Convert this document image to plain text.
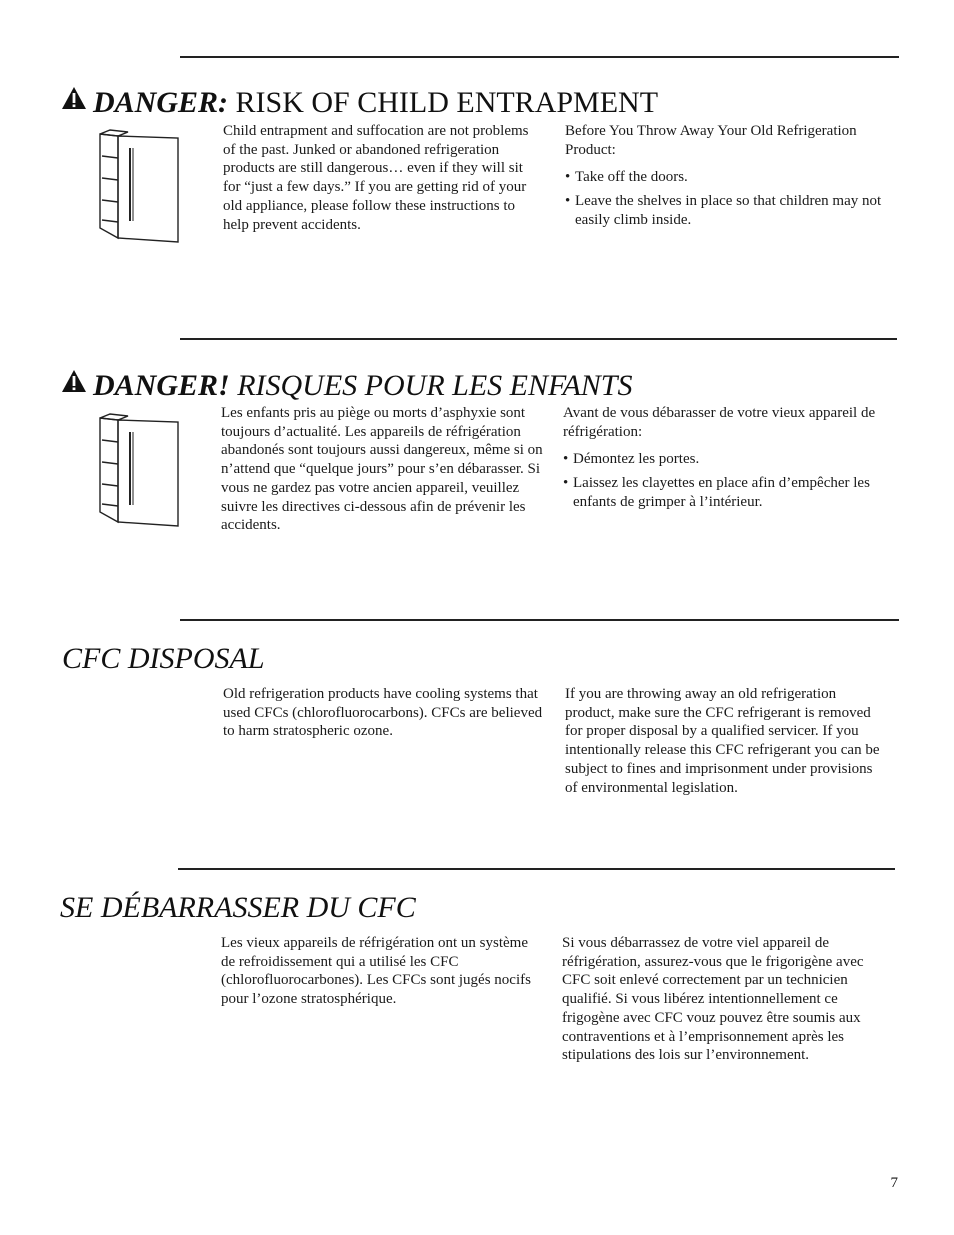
DANGER: RISK OF CHILD ENTRAPMENT

Child entrapment and suffocation are not problems of the past. Junked or abandoned refrigeration products are still dangerous… even if they will sit for “just a few days.” If you are getting rid of your old appliance, please follow these instructions to help prevent accidents.

Before You Throw Away Your Old Refrigeration Product:

• Take off the doors.
• Leave the shelves in place so that children may not easily climb inside.
DANGER! RISQUES POUR LES ENFANTS

Les enfants pris au piège ou morts d’asphyxie sont toujours d’actualité. Les appareils de réfrigération abandonés sont toujours aussi dangereux, même si on n’attend que “quelque jours” pour s’en débarasser. Si vous ne gardez pas votre ancien appareil, veuillez suivre les directives ci-dessous afin de prévenir les accidents.

Avant de vous débarasser de votre vieux appareil de réfrigération:

• Démontez les portes.
• Laissez les clayettes en place afin d’empêcher les enfants de grimper à l’intérieur.
CFC DISPOSAL

Old refrigeration products have cooling systems that used CFCs (chlorofluorocarbons). CFCs are believed to harm stratospheric ozone.

If you are throwing away an old refrigeration product, make sure the CFC refrigerant is removed for proper disposal by a qualified servicer. If you intentionally release this CFC refrigerant you can be subject to fines and imprisonment under provisions of environmental legislation.

SE DÉBARRASSER DU CFC

Les vieux appareils de réfrigération ont un système de refroidissement qui a utilisé les CFC (chlorofluorocarbones). Les CFCs sont jugés nocifs pour l’ozone stratosphérique.

Si vous débarrassez de votre viel appareil de réfrigération, assurez-vous que le frigorigène avec CFC soit enlevé correctement par un technicien qualifié. Si vous libérez intentionnellement ce frigogène avec CFC vouz pouvez être soumis aux contraventions et à l’emprisonnement après les stipulations des lois sur l’environnement.

7
